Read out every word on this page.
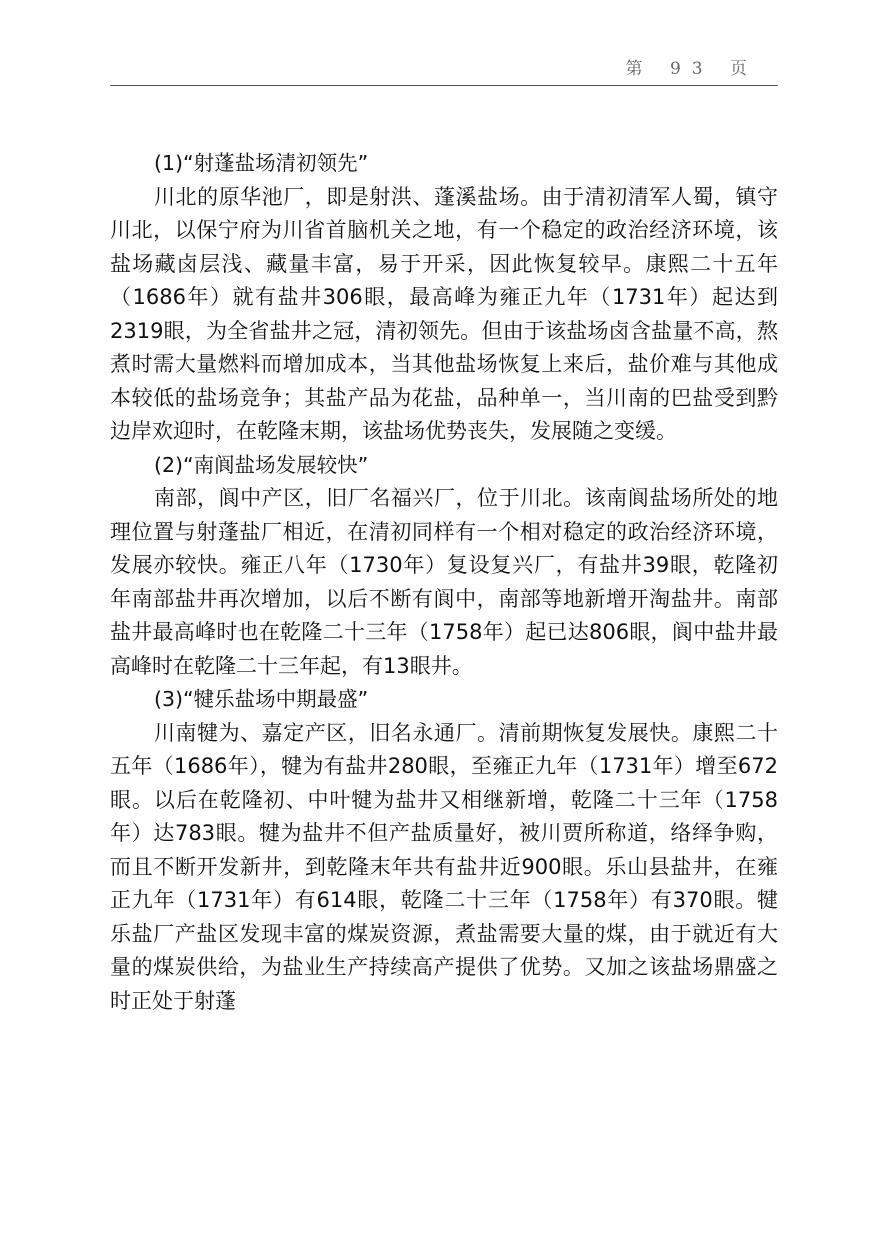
第 93 页

(1)“射蓬盐场清初领先”

川北的原华池厂，即是射洪、蓬溪盐场。由于清初清军人蜀，镇守川北，以保宁府为川省首脑机关之地，有一个稳定的政治经济环境，该盐场藏卤层浅、藏量丰富，易于开采，因此恢复较早。康熙二十五年（1686年）就有盐井306眼，最高峰为雍正九年（1731年）起达到2319眼，为全省盐井之冠，清初领先。但由于该盐场卤含盐量不高，熬煮时需大量燃料而增加成本，当其他盐场恢复上来后，盐价难与其他成本较低的盐场竞争；其盐产品为花盐，品种单一，当川南的巴盐受到黔边岸欢迎时，在乾隆末期，该盐场优势丧失，发展随之变缓。

(2)“南阆盐场发展较快”

南部，阆中产区，旧厂名福兴厂，位于川北。该南阆盐场所处的地理位置与射蓬盐厂相近，在清初同样有一个相对稳定的政治经济环境，发展亦较快。雍正八年（1730年）复设复兴厂，有盐井39眼，乾隆初年南部盐井再次增加，以后不断有阆中，南部等地新增开淘盐井。南部盐井最高峰时也在乾隆二十三年（1758年）起已达806眼，阆中盐井最高峰时在乾隆二十三年起，有13眼井。

(3)“犍乐盐场中期最盛”

川南犍为、嘉定产区，旧名永通厂。清前期恢复发展快。康熙二十五年（1686年），犍为有盐井280眼，至雍正九年（1731年）增至672眼。以后在乾隆初、中叶犍为盐井又相继新增，乾隆二十三年（1758年）达783眼。犍为盐井不但产盐质量好，被川贾所称道，络绎争购，而且不断开发新井，到乾隆末年共有盐井近900眼。乐山县盐井，在雍正九年（1731年）有614眼，乾隆二十三年（1758年）有370眼。犍乐盐厂产盐区发现丰富的煤炭资源，煮盐需要大量的煤，由于就近有大量的煤炭供给，为盐业生产持续高产提供了优势。又加之该盐场鼎盛之时正处于射蓬
